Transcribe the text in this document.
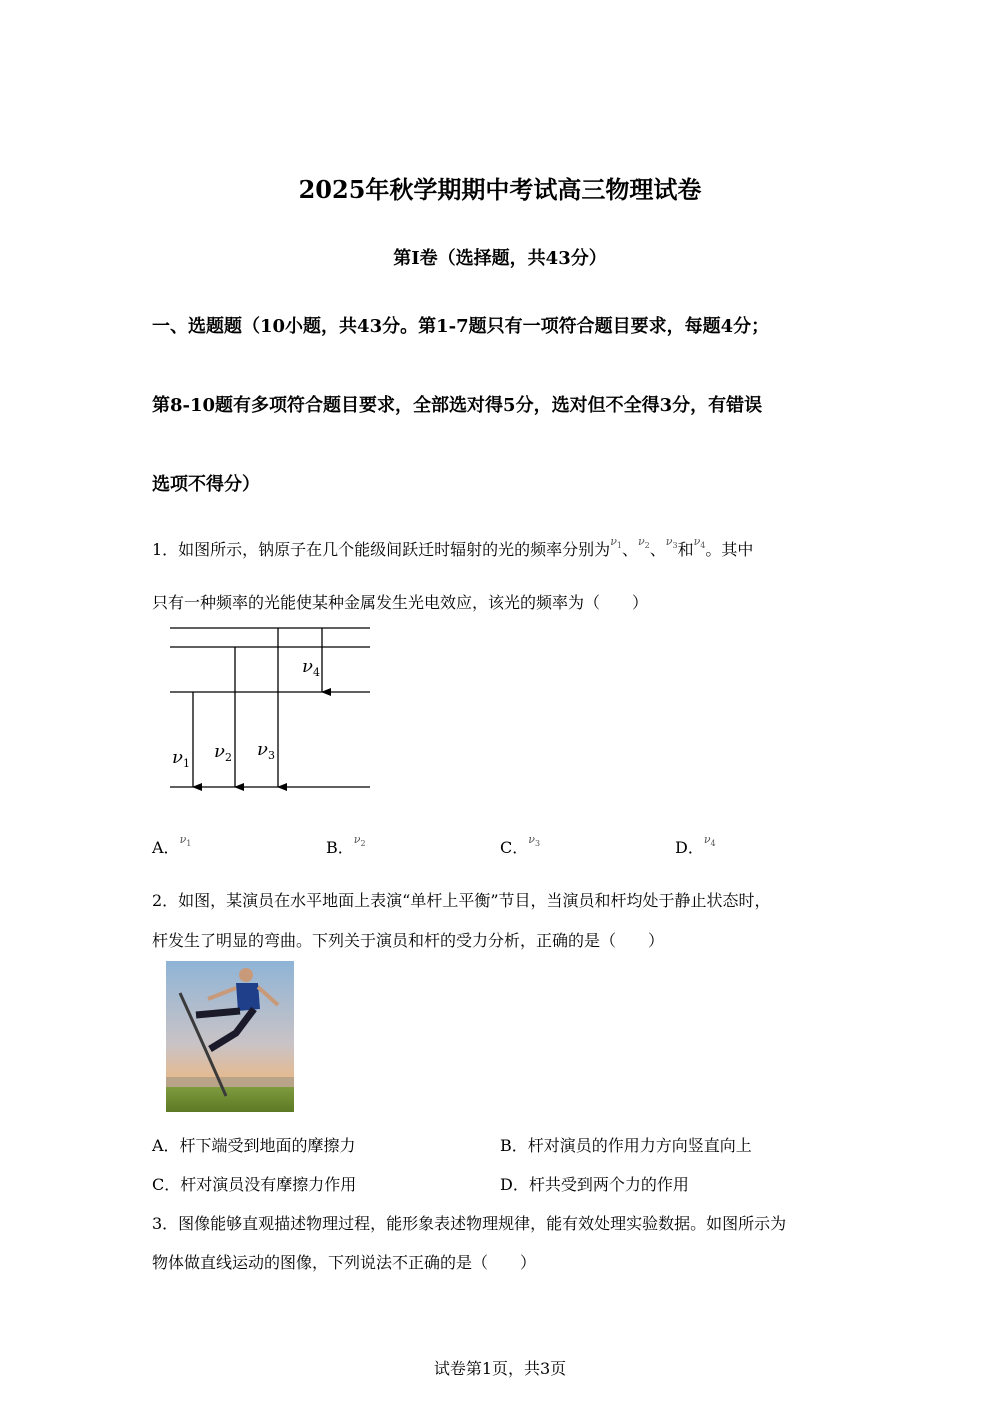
2025年秋学期期中考试高三物理试卷
第Ⅰ卷（选择题，共43分）
一、选题题（10小题，共43分。第1-7题只有一项符合题目要求，每题4分；
第8-10题有多项符合题目要求，全部选对得5分，选对但不全得3分，有错误
选项不得分）
1．如图所示，钠原子在几个能级间跃迁时辐射的光的频率分别为$^{\nu_1}$、$^{\nu_2}$、$^{\nu_3}$和$^{\nu_4}$。其中
只有一种频率的光能使某种金属发生光电效应，该光的频率为（　　）
$\nu_1$
$\nu_2$ $\nu_3$
$\nu_4$
A．$^{\nu_1}$	B．$^{\nu_2}$	C．$^{\nu_3}$	D．$^{\nu_4}$
2．如图，某演员在水平地面上表演“单杆上平衡”节目，当演员和杆均处于静止状态时，
杆发生了明显的弯曲。下列关于演员和杆的受力分析，正确的是（　　）
A．杆下端受到地面的摩擦力	B．杆对演员的作用力方向竖直向上
C．杆对演员没有摩擦力作用	D．杆共受到两个力的作用
3．图像能够直观描述物理过程，能形象表述物理规律，能有效处理实验数据。如图所示为
物体做直线运动的图像，下列说法不正确的是（　　）
试卷第1页，共3页
